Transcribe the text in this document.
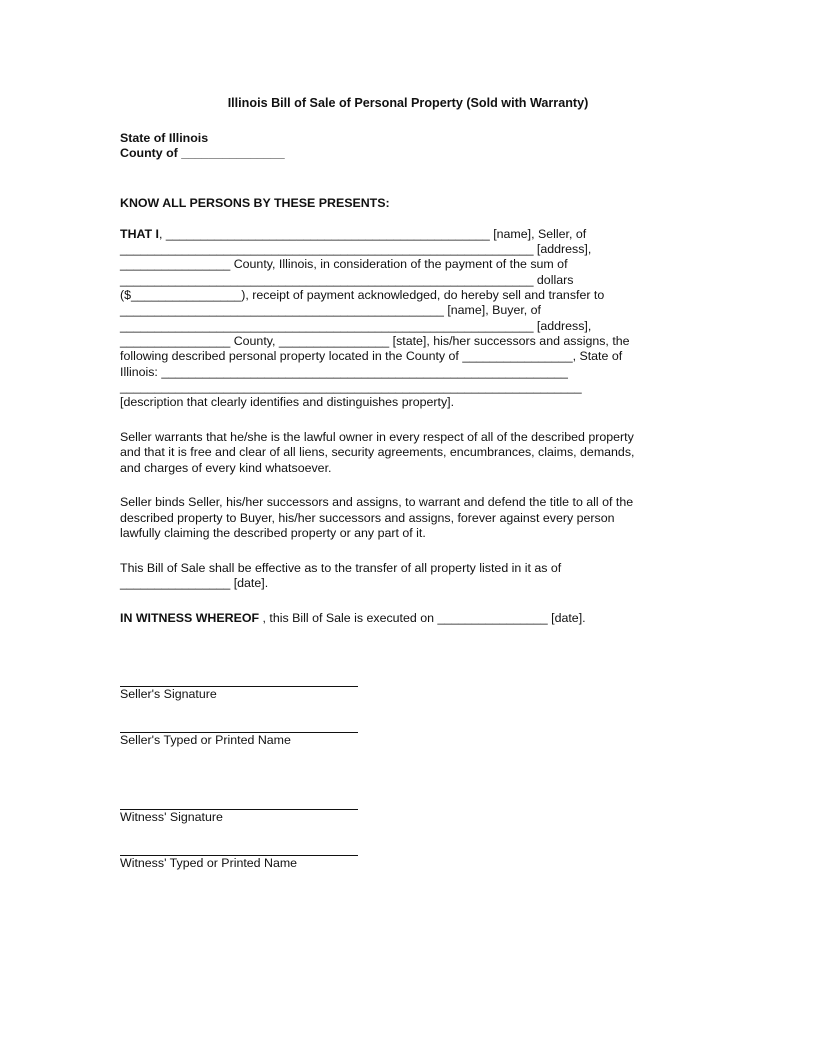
Illinois Bill of Sale of Personal Property (Sold with Warranty)
State of Illinois
County of _______________
KNOW ALL PERSONS BY THESE PRESENTS:
THAT I, _______________________________________________ [name], Seller, of
____________________________________________________________ [address],
________________ County, Illinois, in consideration of the payment of the sum of
____________________________________________________________ dollars
($________________), receipt of payment acknowledged, do hereby sell and transfer to
_______________________________________________ [name], Buyer, of
____________________________________________________________ [address],
________________ County, ________________ [state], his/her successors and assigns, the
following described personal property located in the County of ________________, State of
Illinois: ___________________________________________________________
___________________________________________________________________
[description that clearly identifies and distinguishes property].
Seller warrants that he/she is the lawful owner in every respect of all of the described property
and that it is free and clear of all liens, security agreements, encumbrances, claims, demands,
and charges of every kind whatsoever.
Seller binds Seller, his/her successors and assigns, to warrant and defend the title to all of the
described property to Buyer, his/her successors and assigns, forever against every person
lawfully claiming the described property or any part of it.
This Bill of Sale shall be effective as to the transfer of all property listed in it as of
________________ [date].
IN WITNESS WHEREOF , this Bill of Sale is executed on ________________ [date].
Seller's Signature
Seller's Typed or Printed Name
Witness' Signature
Witness' Typed or Printed Name
